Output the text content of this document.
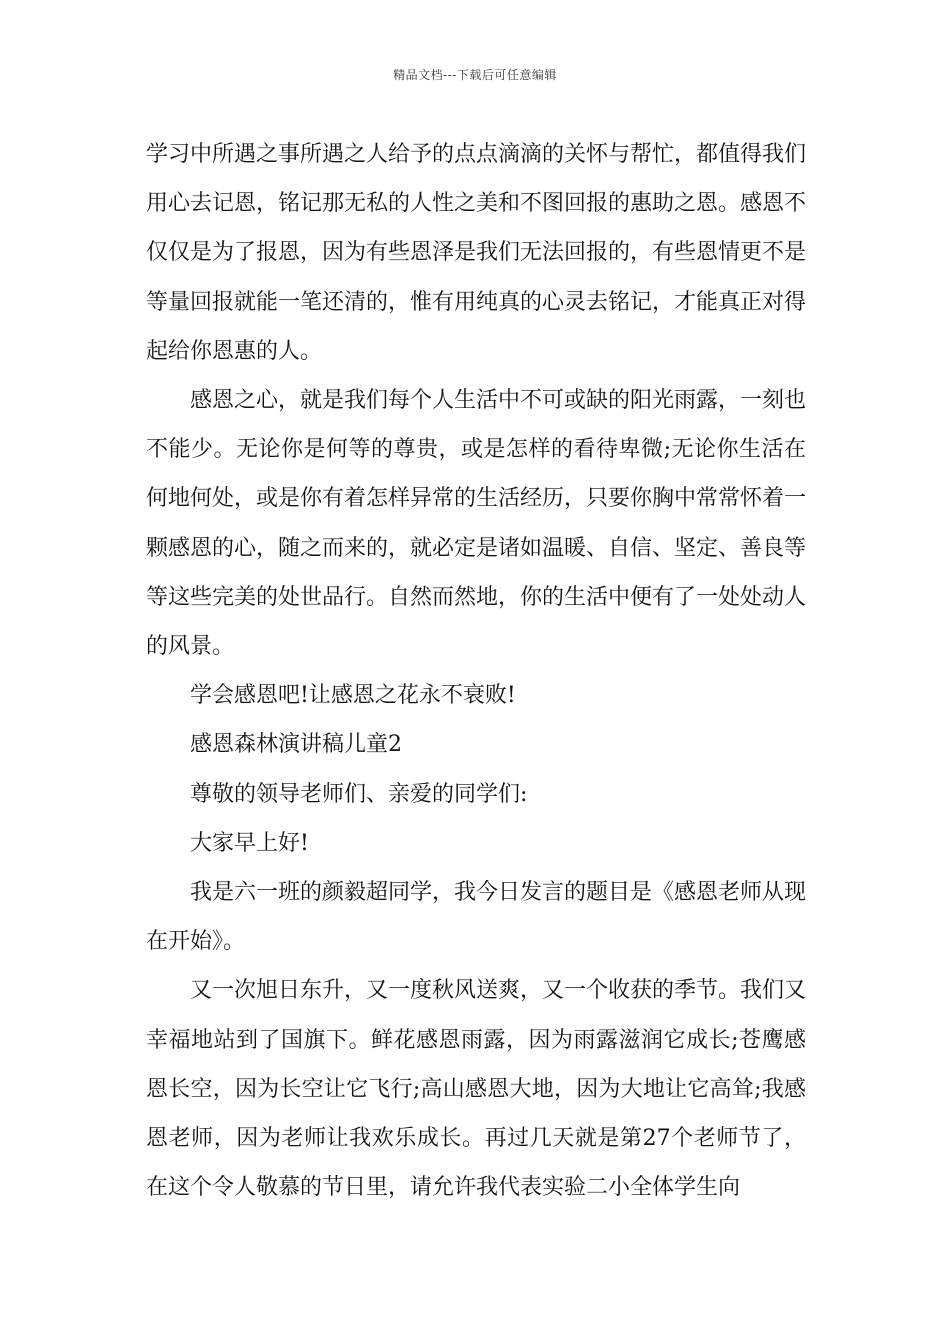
精品文档---下载后可任意编辑

学习中所遇之事所遇之人给予的点点滴滴的关怀与帮忙，都值得我们用心去记恩，铭记那无私的人性之美和不图回报的惠助之恩。感恩不仅仅是为了报恩，因为有些恩泽是我们无法回报的，有些恩情更不是等量回报就能一笔还清的，惟有用纯真的心灵去铭记，才能真正对得起给你恩惠的人。

感恩之心，就是我们每个人生活中不可或缺的阳光雨露，一刻也不能少。无论你是何等的尊贵，或是怎样的看待卑微;无论你生活在何地何处，或是你有着怎样异常的生活经历，只要你胸中常常怀着一颗感恩的心，随之而来的，就必定是诸如温暖、自信、坚定、善良等等这些完美的处世品行。自然而然地，你的生活中便有了一处处动人的风景。

学会感恩吧!让感恩之花永不衰败!

感恩森林演讲稿儿童2

尊敬的领导老师们、亲爱的同学们:

大家早上好!

我是六一班的颜毅超同学，我今日发言的题目是《感恩老师从现在开始》。

又一次旭日东升，又一度秋风送爽，又一个收获的季节。我们又幸福地站到了国旗下。鲜花感恩雨露，因为雨露滋润它成长;苍鹰感恩长空，因为长空让它飞行;高山感恩大地，因为大地让它高耸;我感恩老师，因为老师让我欢乐成长。再过几天就是第27个老师节了，在这个令人敬慕的节日里，请允许我代表实验二小全体学生向
